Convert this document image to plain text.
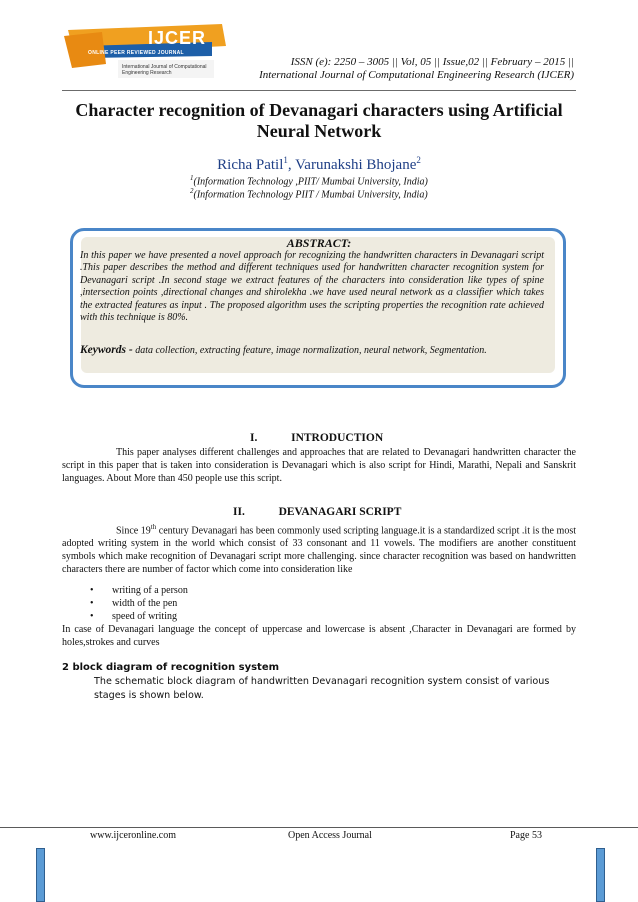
IJCER
ONLINE PEER REVIEWED JOURNAL
International Journal of Computational
Engineering Research
ISSN (e): 2250 – 3005 || Vol, 05 || Issue,02 || February – 2015 ||
International Journal of Computational Engineering Research (IJCER)
Character recognition of Devanagari characters using Artificial
Neural Network
Richa Patil$^1$, Varunakshi Bhojane$^2$
$^1$(Information Technology ,PIIT/ Mumbai University, India)
$^2$(Information Technology PIIT / Mumbai University, India)
ABSTRACT:
In this paper we have presented a novel approach for recognizing the handwritten characters in Devanagari script .This paper describes the method and different techniques used for handwritten character recognition system for Devanagari script .In second stage we extract features of the characters into consideration like types of spine ,intersection points ,directional changes and shirolekha .we have used neural network as a classifier which takes the extracted features as input . The proposed algorithm uses the scripting properties the recognition rate achieved with this technique is 80%.
Keywords - data collection, extracting feature, image normalization, neural network, Segmentation.
I.	INTRODUCTION
This paper analyses different challenges and approaches that are related to Devanagari handwritten character the script in this paper that is taken into consideration is Devanagari which is also script for Hindi, Marathi, Nepali and Sanskrit languages. About More than 450 people use this script.
II.	DEVANAGARI SCRIPT
Since 19th century Devanagari has been commonly used scripting language.it is a standardized script .it is the most adopted writing system in the world which consist of 33 consonant and 11 vowels. The modifiers are another constituent symbols which make recognition of Devanagari script more challenging. since character recognition was based on handwritten characters there are number of factor which come into consideration like
• writing of a person
• width of the pen
• speed of writing
In case of Devanagari language the concept of uppercase and lowercase is absent ,Character in Devanagari are formed by holes,strokes and curves
2 block diagram of recognition system
The schematic block diagram of handwritten Devanagari recognition system consist of various stages is shown below.
www.ijceronline.com	Open Access Journal	Page 53
